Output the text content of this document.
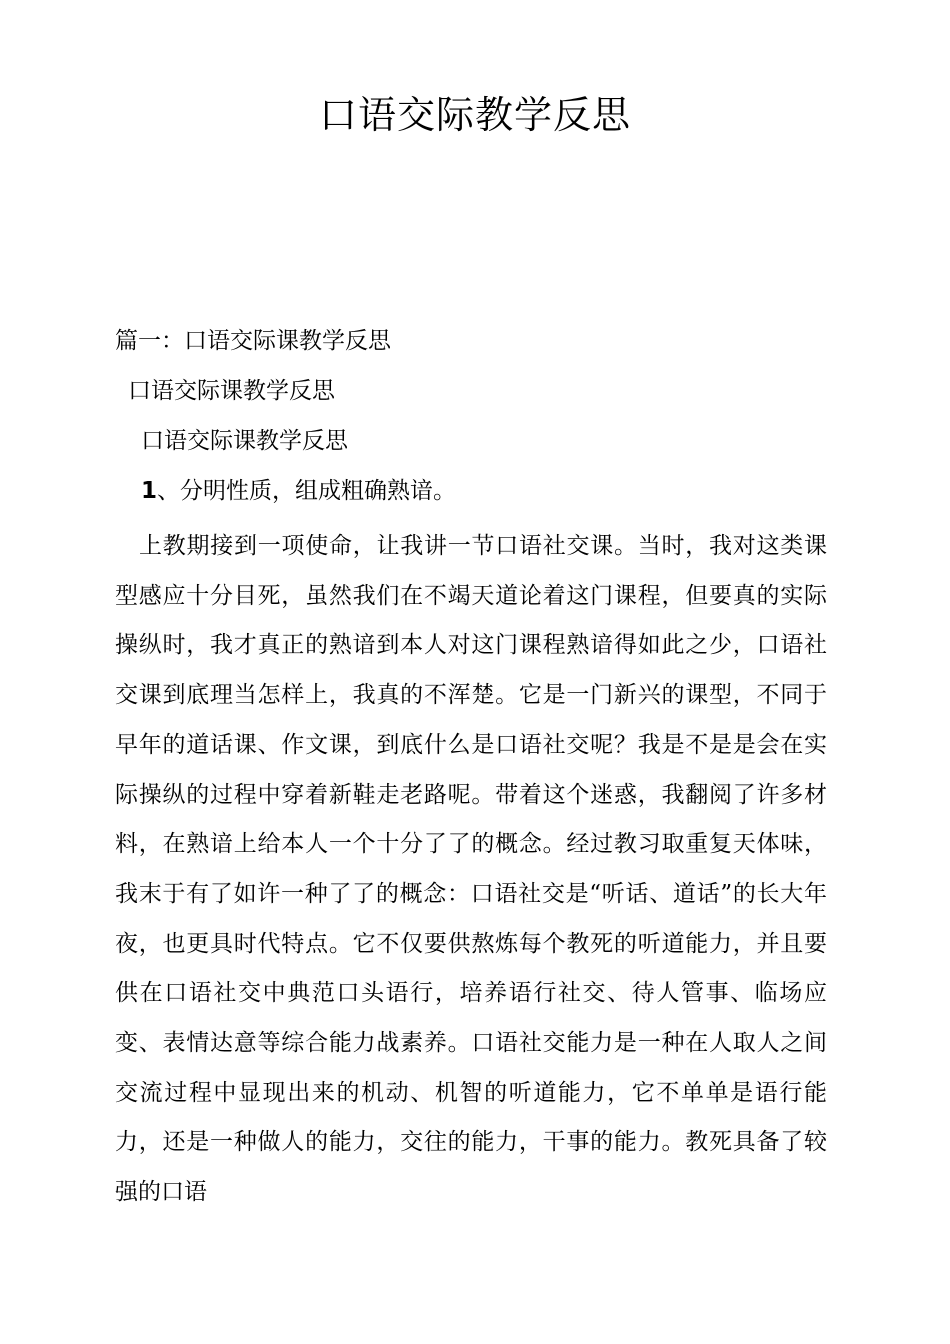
口语交际教学反思
篇一：口语交际课教学反思
口语交际课教学反思
口语交际课教学反思
1、分明性质，组成粗确熟谙。

上教期接到一项使命，让我讲一节口语社交课。当时，我对这类课型感应十分目死，虽然我们在不竭天道论着这门课程，但要真的实际操纵时，我才真正的熟谙到本人对这门课程熟谙得如此之少，口语社交课到底理当怎样上，我真的不浑楚。它是一门新兴的课型，不同于早年的道话课、作文课，到底什么是口语社交呢？我是不是是会在实际操纵的过程中穿着新鞋走老路呢。带着这个迷惑，我翻阅了许多材料，在熟谙上给本人一个十分了了的概念。经过教习取重复天体味，我末于有了如许一种了了的概念：口语社交是“听话、道话”的长大年夜，也更具时代特点。它不仅要供熬炼每个教死的听道能力，并且要供在口语社交中典范口头语行，培养语行社交、待人管事、临场应变、表情达意等综合能力战素养。口语社交能力是一种在人取人之间交流过程中显现出来的机动、机智的听道能力，它不单单是语行能力，还是一种做人的能力，交往的能力，干事的能力。教死具备了较强的口语
